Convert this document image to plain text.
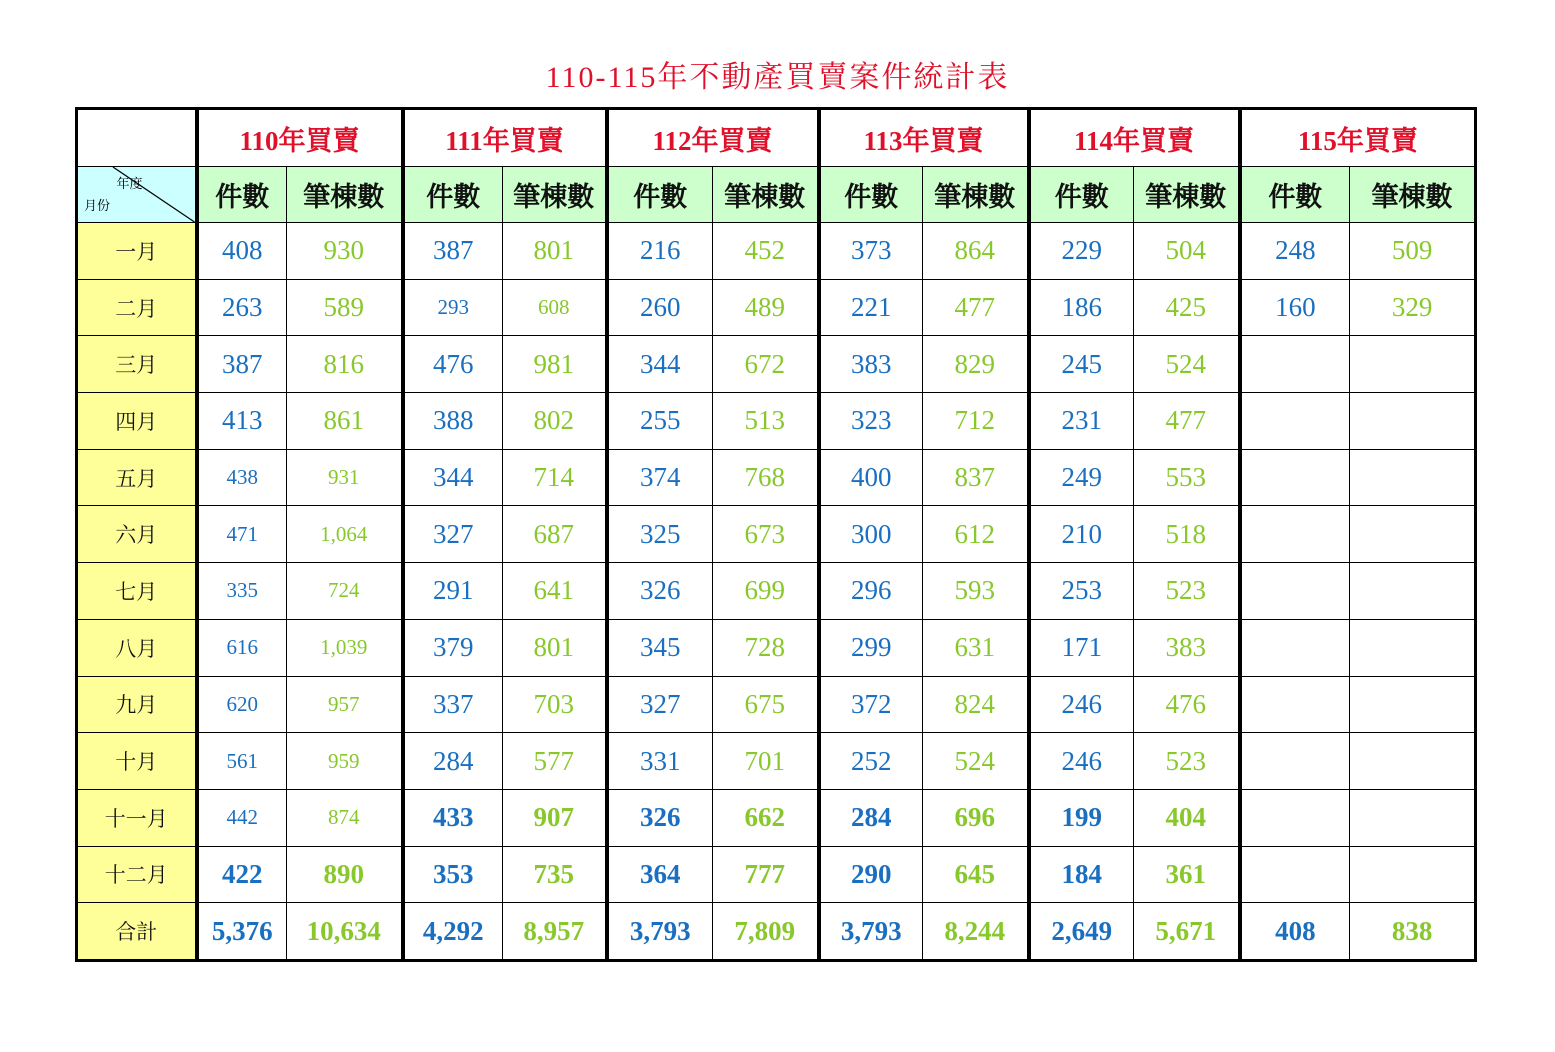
110-115年不動產買賣案件統計表
	110年買賣		111年買賣		112年買賣		113年買賣		114年買賣		115年買賣	

年度
月份	件數	筆棟數	件數	筆棟數	件數	筆棟數	件數	筆棟數	件數	筆棟數	件數	筆棟數
一月	408	930	387	801	216	452	373	864	229	504	248	509
二月	263	589	293	608	260	489	221	477	186	425	160	329
三月	387	816	476	981	344	672	383	829	245	524		
四月	413	861	388	802	255	513	323	712	231	477		
五月	438	931	344	714	374	768	400	837	249	553		
六月	471	1,064	327	687	325	673	300	612	210	518		
七月	335	724	291	641	326	699	296	593	253	523		
八月	616	1,039	379	801	345	728	299	631	171	383		
九月	620	957	337	703	327	675	372	824	246	476		
十月	561	959	284	577	331	701	252	524	246	523		
十一月	442	874	433	907	326	662	284	696	199	404		
十二月	422	890	353	735	364	777	290	645	184	361		
合計	5,376	10,634	4,292	8,957	3,793	7,809	3,793	8,244	2,649	5,671	408	838
